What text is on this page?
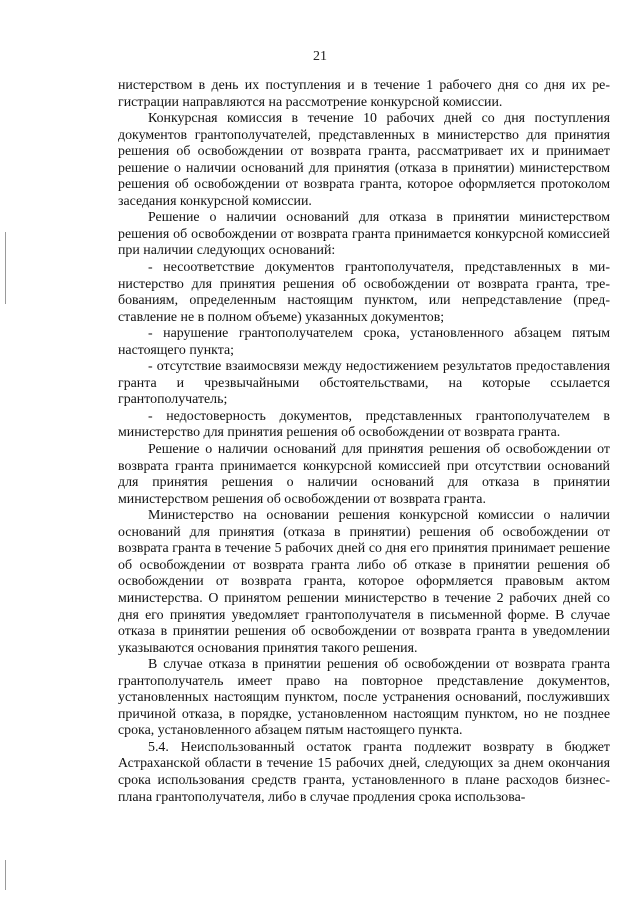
21

нистерством в день их поступления и в течение 1 рабочего дня со дня их регистрации направляются на рассмотрение конкурсной комиссии.

Конкурсная комиссия в течение 10 рабочих дней со дня поступления документов грантополучателей, представленных в министерство для принятия решения об освобождении от возврата гранта, рассматривает их и принимает решение о наличии оснований для принятия (отказа в принятии) министерством решения об освобождении от возврата гранта, которое оформляется протоколом заседания конкурсной комиссии.

Решение о наличии оснований для отказа в принятии министерством решения об освобождении от возврата гранта принимается конкурсной комиссией при наличии следующих оснований:

- несоответствие документов грантополучателя, представленных в министерство для принятия решения об освобождении от возврата гранта, требованиям, определенным настоящим пунктом, или непредставление (представление не в полном объеме) указанных документов;

- нарушение грантополучателем срока, установленного абзацем пятым настоящего пункта;

- отсутствие взаимосвязи между недостижением результатов предоставления гранта и чрезвычайными обстоятельствами, на которые ссылается грантополучатель;

- недостоверность документов, представленных грантополучателем в министерство для принятия решения об освобождении от возврата гранта.

Решение о наличии оснований для принятия решения об освобождении от возврата гранта принимается конкурсной комиссией при отсутствии оснований для принятия решения о наличии оснований для отказа в принятии министерством решения об освобождении от возврата гранта.

Министерство на основании решения конкурсной комиссии о наличии оснований для принятия (отказа в принятии) решения об освобождении от возврата гранта в течение 5 рабочих дней со дня его принятия принимает решение об освобождении от возврата гранта либо об отказе в принятии решения об освобождении от возврата гранта, которое оформляется правовым актом министерства. О принятом решении министерство в течение 2 рабочих дней со дня его принятия уведомляет грантополучателя в письменной форме. В случае отказа в принятии решения об освобождении от возврата гранта в уведомлении указываются основания принятия такого решения.

В случае отказа в принятии решения об освобождении от возврата гранта грантополучатель имеет право на повторное представление документов, установленных настоящим пунктом, после устранения оснований, послуживших причиной отказа, в порядке, установленном настоящим пунктом, но не позднее срока, установленного абзацем пятым настоящего пункта.

5.4. Неиспользованный остаток гранта подлежит возврату в бюджет Астраханской области в течение 15 рабочих дней, следующих за днем окончания срока использования средств гранта, установленного в плане расходов бизнес-плана грантополучателя, либо в случае продления срока использова-
